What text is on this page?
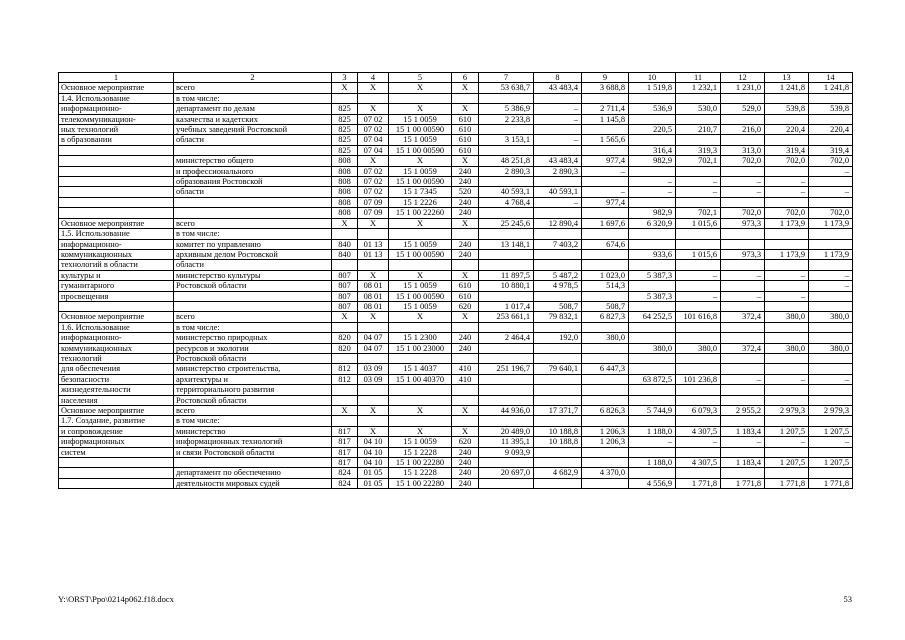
1	2	3	4	5	6	7	8	9	10	11	12	13	14
Основное мероприятие	всего	X	X	X	X	53 638,7	43 483,4	3 688,8	1 519,8	1 232,1	1 231,0	1 241,8	1 241,8
1.4. Использование	в том числе:												
информационно-	департамент по делам	825	X	X	X	5 386,9	–	2 711,4	536,9	530,0	529,0	539,8	539,8
телекоммуникацион-	казачества и кадетских	825	07 02	15 1 0059	610	2 233,8	–	1 145,8					
ных технологий	учебных заведений Ростовской	825	07 02	15 1 00 00590	610				220,5	210,7	216,0	220,4	220,4
в образовании	области	825	07 04	15 1 0059	610	3 153,1	–	1 565,6					
		825	07 04	15 1 00 00590	610				316,4	319,3	313,0	319,4	319,4
	министерство общего	808	X	X	X	48 251,8	43 483,4	977,4	982,9	702,1	702,0	702,0	702,0
	и профессионального	808	07 02	15 1 0059	240	2 890,3	2 890,3	–					–
	образования Ростовской	808	07 02	15 1 00 00590	240				–	–	–	–	
	области	808	07 02	15 1 7345	520	40 593,1	40 593,1	–	–	–	–	–	–
		808	07 09	15 1 2226	240	4 768,4	–	977,4					
		808	07 09	15 1 00 22260	240				982,9	702,1	702,0	702,0	702,0
Основное мероприятие	всего	X	X	X	X	25 245,6	12 890,4	1 697,6	6 320,9	1 015,6	973,3	1 173,9	1 173,9
1.5. Использование	в том числе:												
информационно-	комитет по управлению	840	01 13	15 1 0059	240	13 148,1	7 403,2	674,6					
коммуникационных	архивным делом Ростовской	840	01 13	15 1 00 00590	240				933,6	1 015,6	973,3	1 173,9	1 173,9
технологий в области	области												
культуры и	министерство культуры	807	X	X	X	11 897,5	5 487,2	1 023,0	5 387,3	–	–	–	–
гуманитарного	Ростовской области	807	08 01	15 1 0059	610	10 880,1	4 978,5	514,3					–
просвещения		807	08 01	15 1 00 00590	610				5 387,3	–	–	–	
		807	08 01	15 1 0059	620	1 017,4	508,7	508,7					
Основное мероприятие	всего	X	X	X	X	253 661,1	79 832,1	6 827,3	64 252,5	101 616,8	372,4	380,0	380,0
1.6. Использование	в том числе:												
информационно-	министерство природных	820	04 07	15 1 2300	240	2 464,4	192,0	380,0					
коммуникационных	ресурсов и экологии	820	04 07	15 1 00 23000	240				380,0	380,0	372,4	380,0	380,0
технологий	Ростовской области												
для обеспечения	министерство строительства,	812	03 09	15 1 4037	410	251 196,7	79 640,1	6 447,3					
безопасности	архитектуры и	812	03 09	15 1 00 40370	410				63 872,5	101 236,8	–	–	–
жизнедеятельности	территориального развития												
населения	Ростовской области												
Основное мероприятие	всего	X	X	X	X	44 936,0	17 371,7	6 826,3	5 744,9	6 079,3	2 955,2	2 979,3	2 979,3
1.7. Создание, развитие	в том числе:												
и сопровождение	министерство	817	X	X	X	20 489,0	10 188,8	1 206,3	1 188,0	4 307,5	1 183,4	1 207,5	1 207,5
информационных	информационных технологий	817	04 10	15 1 0059	620	11 395,1	10 188,8	1 206,3	–	–	–	–	–
систем	и связи Ростовской области	817	04 10	15 1 2228	240	9 093,9							
		817	04 10	15 1 00 22280	240				1 188,0	4 307,5	1 183,4	1 207,5	1 207,5
	департамент по обеспечению	824	01 05	15 1 2228	240	20 697,0	4 682,9	4 370,0					
	деятельности мировых судей	824	01 05	15 1 00 22280	240				4 556,9	1 771,8	1 771,8	1 771,8	1 771,8
Y:\ORST\Ppo\0214p062.f18.docx	53
